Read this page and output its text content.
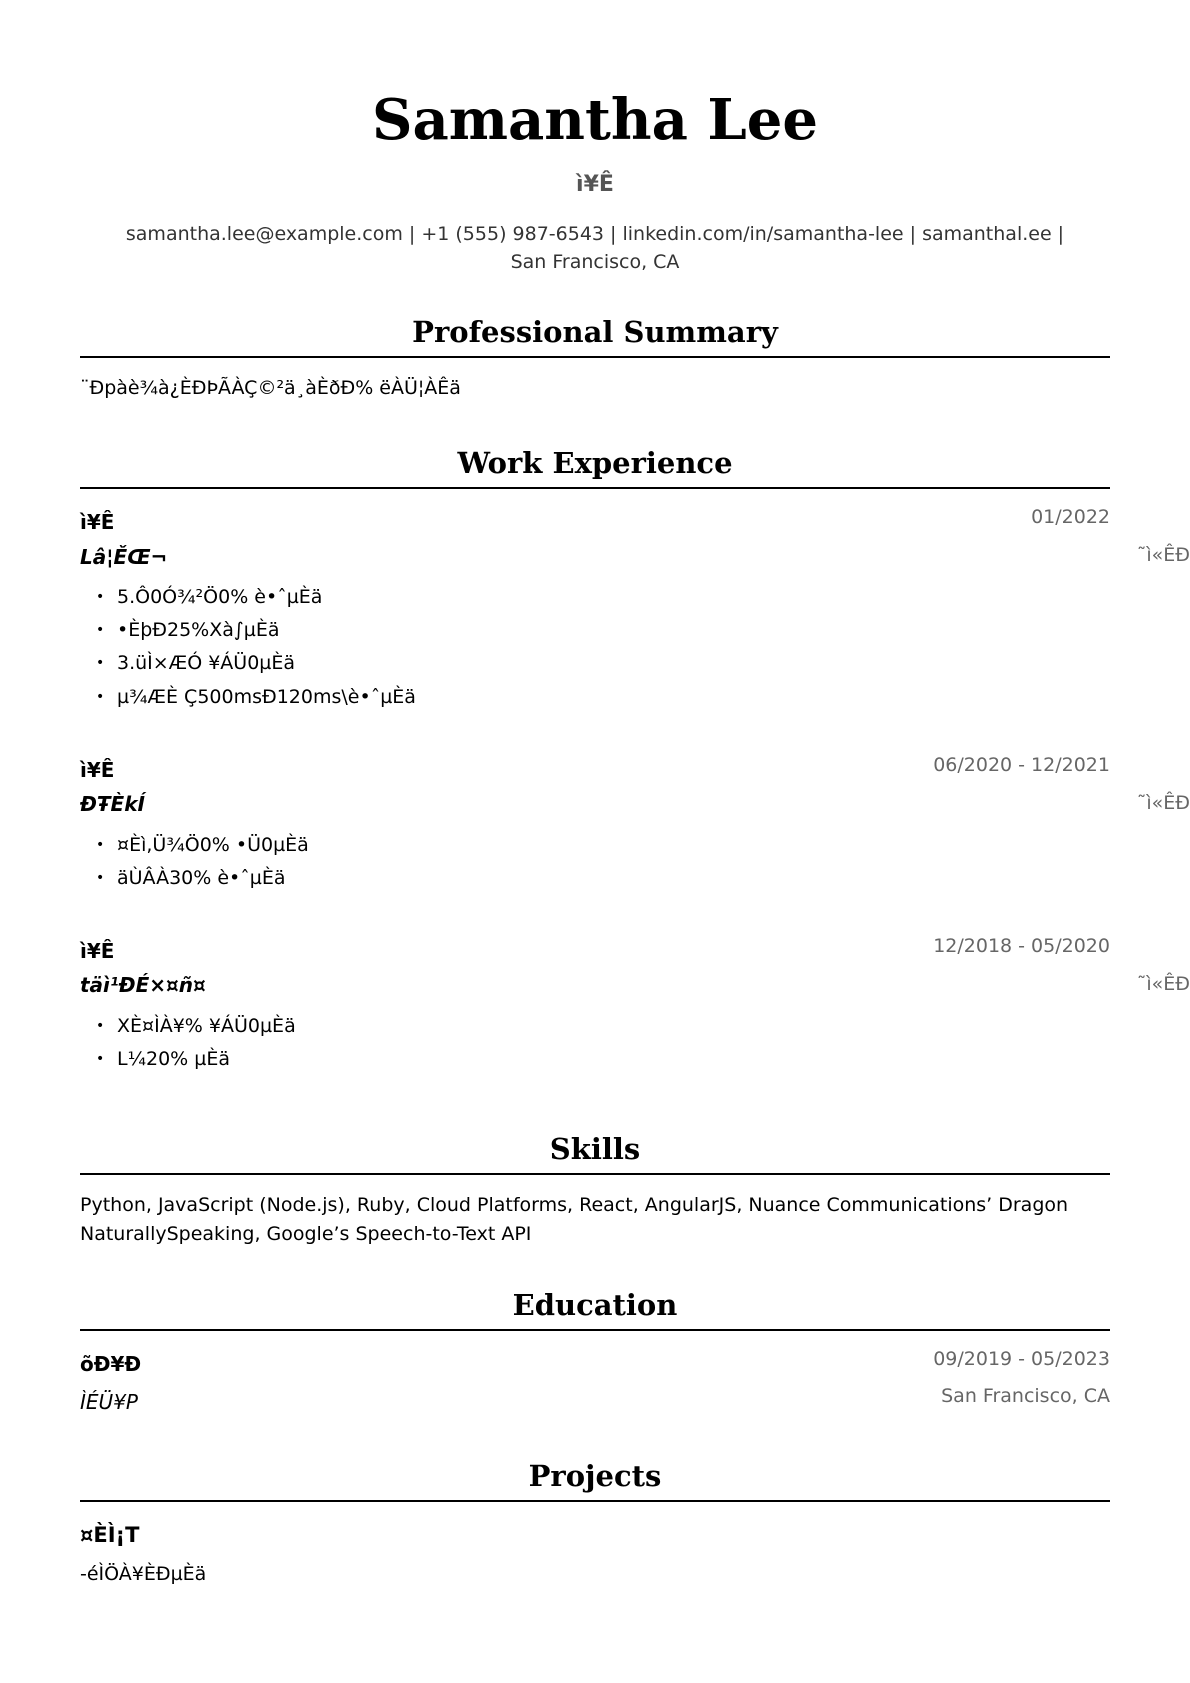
Samantha Lee
ì¥Ê
samantha.lee@example.com | +1 (555) 987-6543 | linkedin.com/in/samantha-lee | samanthal.ee | San Francisco, CA
Professional Summary
¨Ðpàè¾à¿ÈÐÞÃÀÇ©²ä¸àÈðÐ% ëÀÜ¦ÀÊä
Work Experience
ì¥Ê	01/2022
Lâ¦ĚŒ¬	˜ì«ÊÐ
• 5.Ô0Ó¾²Ö0% è•ˆµÈä
• •ÈþÐ25%Xà∫µÈä
• 3.üÌ×ÆÓ ¥ÁÜ0µÈä
• µ¾ÆÈ Ç500msÐ120ms\è•ˆµÈä
ì¥Ê	06/2020 - 12/2021
ÐŦÈkÍ	˜ì«ÊÐ
• ¤Èì,Ü¾Ö0% •Ü0µÈä
• äÙÂÀ30% è•ˆµÈä
ì¥Ê	12/2018 - 05/2020
täì¹ÐÉ×¤ñ¤	˜ì«ÊÐ
• XÈ¤ÌÀ¥% ¥ÁÜ0µÈä
• L¼20% µÈä
Skills
Python, JavaScript (Node.js), Ruby, Cloud Platforms, React, AngularJS, Nuance Communications’ Dragon NaturallySpeaking, Google’s Speech-to-Text API
Education
õÐ¥Ð	09/2019 - 05/2023
ÌÉÜ¥P	San Francisco, CA
Projects
¤ÈÌ¡T
-éÌÖÀ¥ÈÐµÈä
